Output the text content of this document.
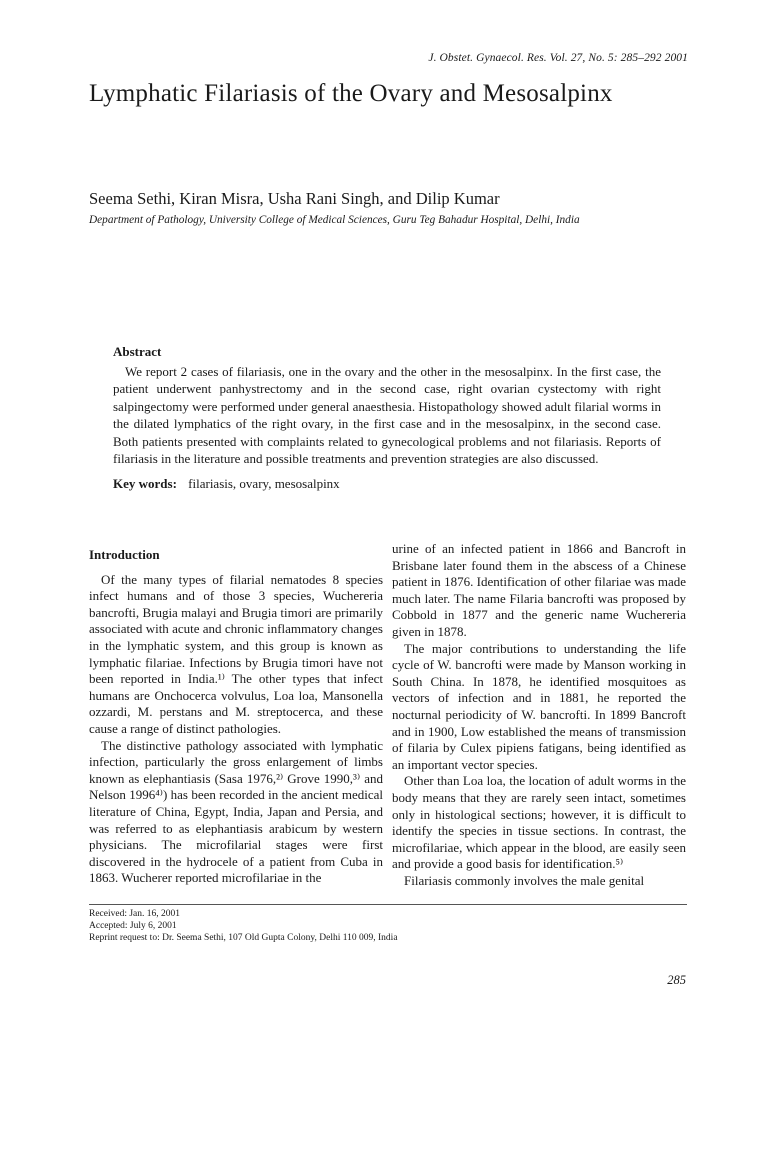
J. Obstet. Gynaecol. Res. Vol. 27, No. 5: 285–292 2001
Lymphatic Filariasis of the Ovary and Mesosalpinx

Seema Sethi, Kiran Misra, Usha Rani Singh, and Dilip Kumar

Department of Pathology, University College of Medical Sciences, Guru Teg Bahadur Hospital, Delhi, India

Abstract

We report 2 cases of filariasis, one in the ovary and the other in the mesosalpinx. In the first case, the patient underwent panhystrectomy and in the second case, right ovarian cystectomy with right salpingectomy were performed under general anaesthesia. Histopathology showed adult filarial worms in the dilated lymphatics of the right ovary, in the first case and in the mesosalpinx, in the second case. Both patients presented with complaints related to gynecological problems and not filariasis. Reports of filariasis in the literature and possible treatments and prevention strategies are also discussed.

Key words: filariasis, ovary, mesosalpinx

Introduction

Of the many types of filarial nematodes 8 species infect humans and of those 3 species, Wuchereria bancrofti, Brugia malayi and Brugia timori are primarily associated with acute and chronic inflammatory changes in the lymphatic system, and this group is known as lymphatic filariae. Infections by Brugia timori have not been reported in India.¹⁾ The other types that infect humans are Onchocerca volvulus, Loa loa, Mansonella ozzardi, M. perstans and M. streptocerca, and these cause a range of distinct pathologies.

The distinctive pathology associated with lymphatic infection, particularly the gross enlargement of limbs known as elephantiasis (Sasa 1976,²⁾ Grove 1990,³⁾ and Nelson 1996⁴⁾) has been recorded in the ancient medical literature of China, Egypt, India, Japan and Persia, and was referred to as elephantiasis arabicum by western physicians. The microfilarial stages were first discovered in the hydrocele of a patient from Cuba in 1863. Wucherer reported microfilariae in the

urine of an infected patient in 1866 and Bancroft in Brisbane later found them in the abscess of a Chinese patient in 1876. Identification of other filariae was made much later. The name Filaria bancrofti was proposed by Cobbold in 1877 and the generic name Wuchereria given in 1878.

The major contributions to understanding the life cycle of W. bancrofti were made by Manson working in South China. In 1878, he identified mosquitoes as vectors of infection and in 1881, he reported the nocturnal periodicity of W. bancrofti. In 1899 Bancroft and in 1900, Low established the means of transmission of filaria by Culex pipiens fatigans, being identified as an important vector species.

Other than Loa loa, the location of adult worms in the body means that they are rarely seen intact, sometimes only in histological sections; however, it is difficult to identify the species in tissue sections. In contrast, the microfilariae, which appear in the blood, are easily seen and provide a good basis for identification.⁵⁾

Filariasis commonly involves the male genital

Received: Jan. 16, 2001
Accepted: July 6, 2001
Reprint request to: Dr. Seema Sethi, 107 Old Gupta Colony, Delhi 110 009, India
285
